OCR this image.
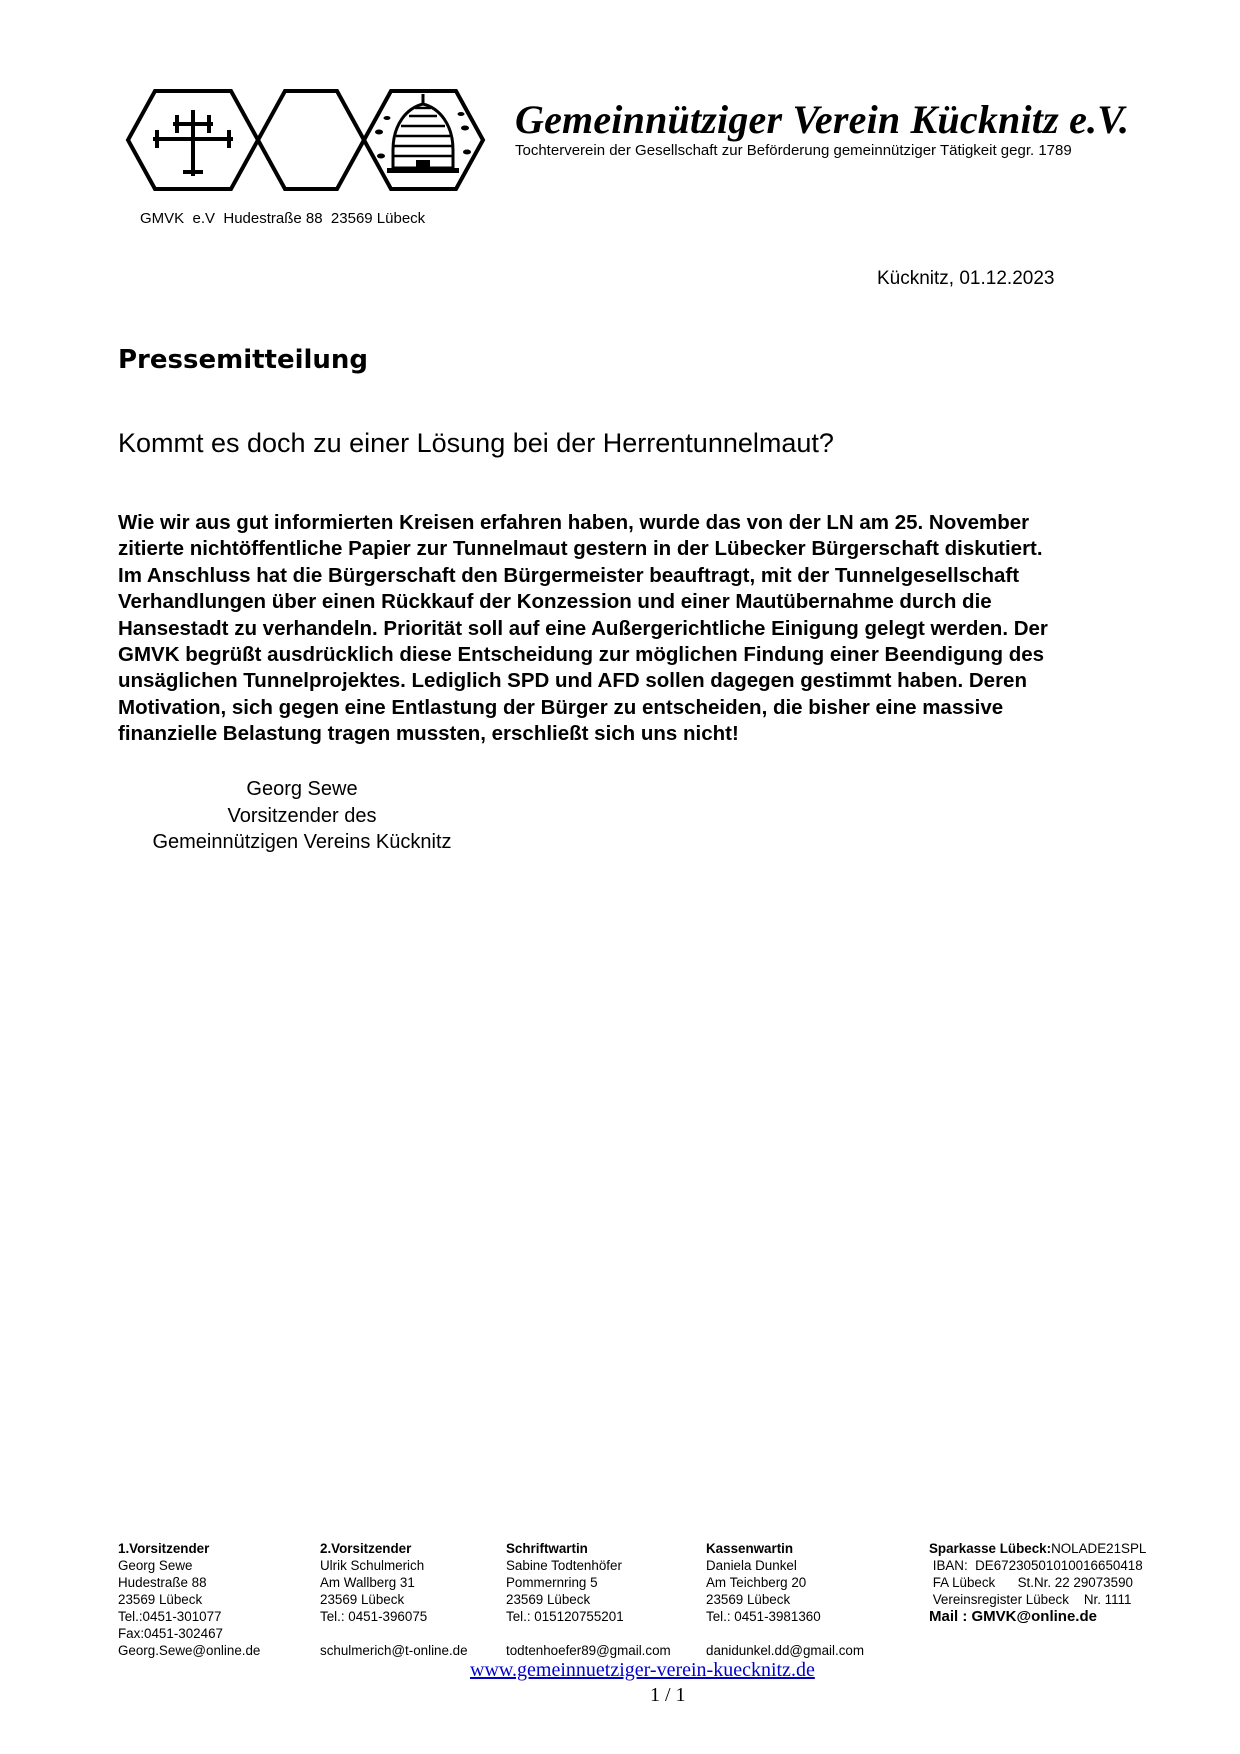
Gemeinnütziger Verein Kücknitz e.V.
Tochterverein der Gesellschaft zur Beförderung gemeinnütziger Tätigkeit gegr. 1789
GMVK  e.V  Hudestraße 88  23569 Lübeck
Kücknitz, 01.12.2023
Pressemitteilung
Kommt es doch zu einer Lösung bei der Herrentunnelmaut?
Wie wir aus gut informierten Kreisen erfahren haben, wurde das von der LN am 25. November
zitierte nichtöffentliche Papier zur Tunnelmaut gestern in der Lübecker Bürgerschaft diskutiert.
Im Anschluss hat die Bürgerschaft den Bürgermeister beauftragt, mit der Tunnelgesellschaft
Verhandlungen über einen Rückkauf der Konzession und einer Mautübernahme durch die
Hansestadt zu verhandeln. Priorität soll auf eine Außergerichtliche Einigung gelegt werden. Der
GMVK begrüßt ausdrücklich diese Entscheidung zur möglichen Findung einer Beendigung des
unsäglichen Tunnelprojektes. Lediglich SPD und AFD sollen dagegen gestimmt haben. Deren
Motivation, sich gegen eine Entlastung der Bürger zu entscheiden, die bisher eine massive
finanzielle Belastung tragen mussten, erschließt sich uns nicht!
Georg Sewe
Vorsitzender des
Gemeinnützigen Vereins Kücknitz
1.Vorsitzender
Georg Sewe
Hudestraße 88
23569 Lübeck
Tel.:0451-301077
Fax:0451-302467
Georg.Sewe@online.de
2.Vorsitzender
Ulrik Schulmerich
Am Wallberg 31
23569 Lübeck
Tel.: 0451-396075

schulmerich@t-online.de
Schriftwartin
Sabine Todtenhöfer
Pommernring 5
23569 Lübeck
Tel.: 015120755201

todtenhoefer89@gmail.com
Kassenwartin
Daniela Dunkel
Am Teichberg 20
23569 Lübeck
Tel.: 0451-3981360

danidunkel.dd@gmail.com
Sparkasse Lübeck:NOLADE21SPL
IBAN:  DE67230501010016650418
FA Lübeck      St.Nr. 22 29073590
Vereinsregister Lübeck    Nr. 1111
Mail : GMVK@online.de
www.gemeinnuetziger-verein-kuecknitz.de
1 / 1
